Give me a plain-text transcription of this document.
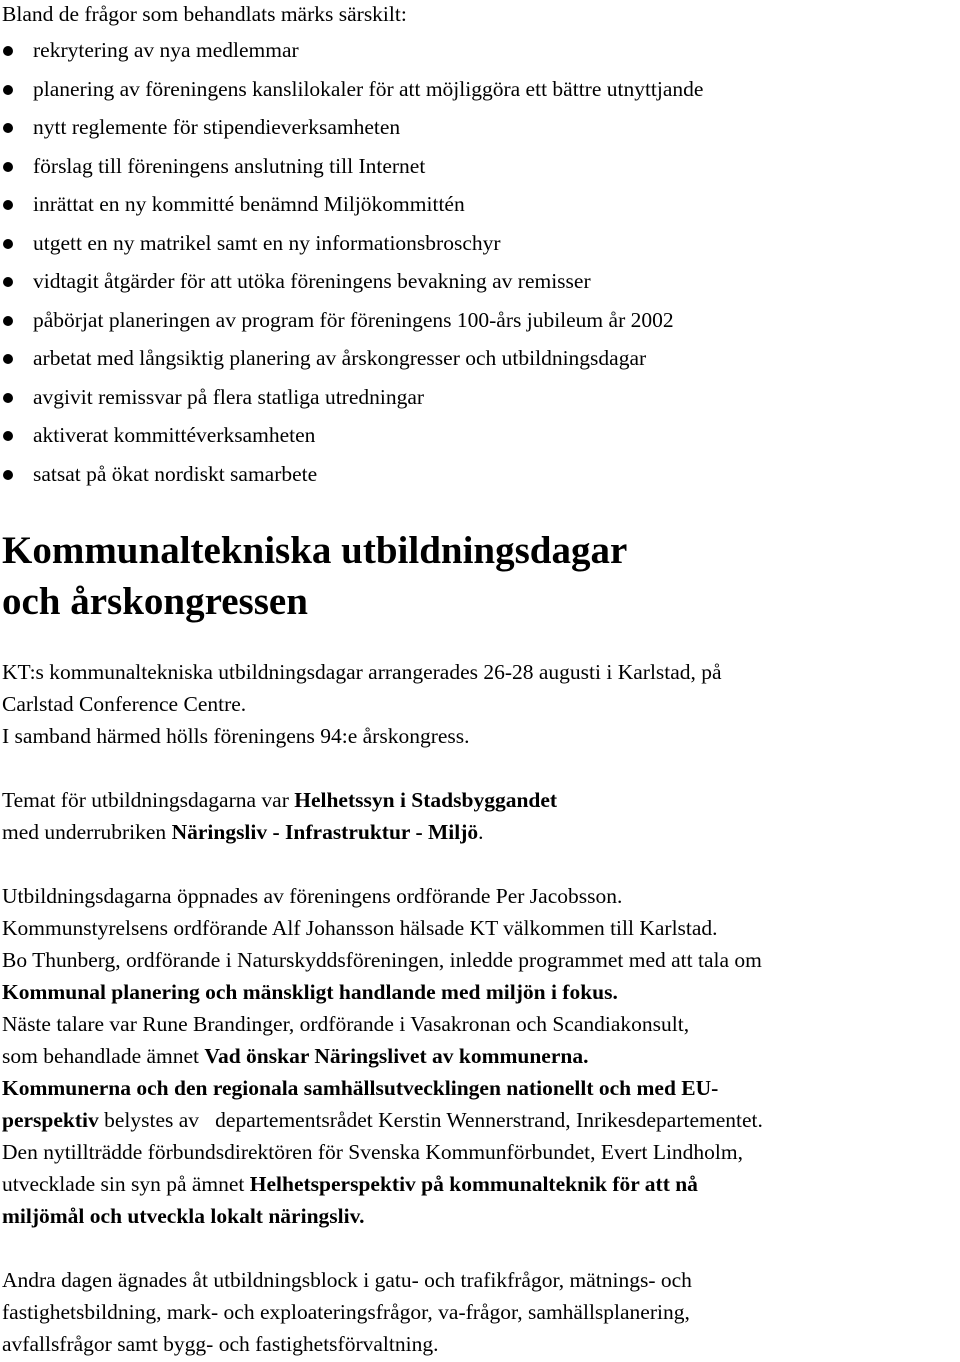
Bland de frågor som behandlats märks särskilt:
rekrytering av nya medlemmar
planering av föreningens kanslilokaler för att möjliggöra ett bättre utnyttjande
nytt reglemente för stipendieverksamheten
förslag till föreningens anslutning till Internet
inrättat en ny kommitté benämnd Miljökommittén
utgett en ny matrikel samt en ny informationsbroschyr
vidtagit åtgärder för att utöka föreningens bevakning av remisser
påbörjat planeringen av program för föreningens 100-års jubileum år 2002
arbetat med långsiktig planering av årskongresser och utbildningsdagar
avgivit remissvar på flera statliga utredningar
aktiverat kommittéverksamheten
satsat på ökat nordiskt samarbete
Kommunaltekniska utbildningsdagar
och årskongressen

KT:s kommunaltekniska utbildningsdagar arrangerades 26-28 augusti i Karlstad, på
Carlstad Conference Centre.
I samband härmed hölls föreningens 94:e årskongress.

Temat för utbildningsdagarna var Helhetssyn i Stadsbyggandet
med underrubriken Näringsliv - Infrastruktur - Miljö.

Utbildningsdagarna öppnades av föreningens ordförande Per Jacobsson.
Kommunstyrelsens ordförande Alf Johansson hälsade KT välkommen till Karlstad.
Bo Thunberg, ordförande i Naturskyddsföreningen, inledde programmet med att tala om
Kommunal planering och mänskligt handlande med miljön i fokus.
Näste talare var Rune Brandinger, ordförande i Vasakronan och Scandiakonsult,
som behandlade ämnet Vad önskar Näringslivet av kommunerna.
Kommunerna och den regionala samhällsutvecklingen nationellt och med EU-
perspektiv belystes av   departementsrådet Kerstin Wennerstrand, Inrikesdepartementet.
Den nytillträdde förbundsdirektören för Svenska Kommunförbundet, Evert Lindholm,
utvecklade sin syn på ämnet Helhetsperspektiv på kommunalteknik för att nå
miljömål och utveckla lokalt näringsliv.

Andra dagen ägnades åt utbildningsblock i gatu- och trafikfrågor, mätnings- och
fastighetsbildning, mark- och exploateringsfrågor, va-frågor, samhällsplanering,
avfallsfrågor samt bygg- och fastighetsförvaltning.
